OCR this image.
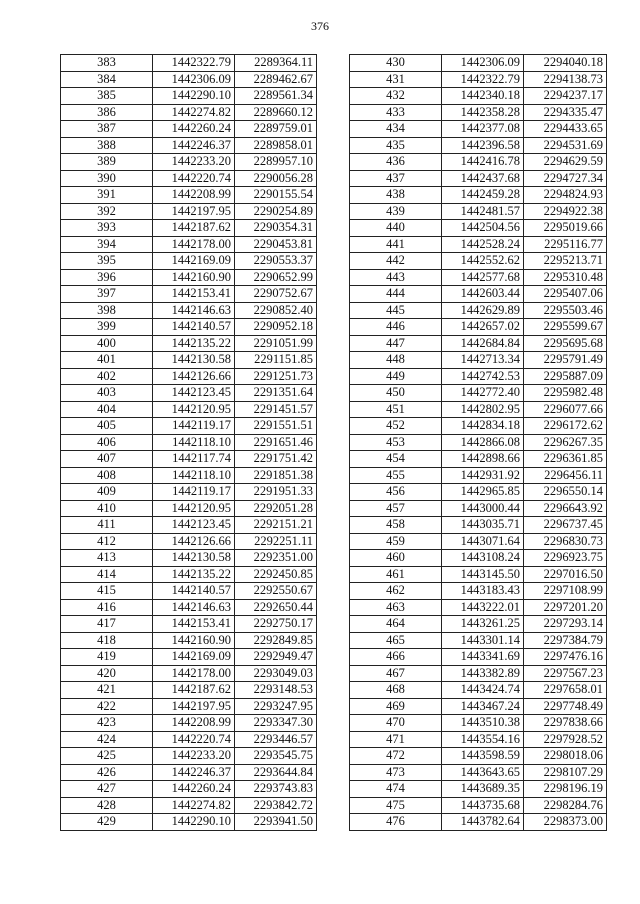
376
383	1442322.79	2289364.11
384	1442306.09	2289462.67
385	1442290.10	2289561.34
386	1442274.82	2289660.12
387	1442260.24	2289759.01
388	1442246.37	2289858.01
389	1442233.20	2289957.10
390	1442220.74	2290056.28
391	1442208.99	2290155.54
392	1442197.95	2290254.89
393	1442187.62	2290354.31
394	1442178.00	2290453.81
395	1442169.09	2290553.37
396	1442160.90	2290652.99
397	1442153.41	2290752.67
398	1442146.63	2290852.40
399	1442140.57	2290952.18
400	1442135.22	2291051.99
401	1442130.58	2291151.85
402	1442126.66	2291251.73
403	1442123.45	2291351.64
404	1442120.95	2291451.57
405	1442119.17	2291551.51
406	1442118.10	2291651.46
407	1442117.74	2291751.42
408	1442118.10	2291851.38
409	1442119.17	2291951.33
410	1442120.95	2292051.28
411	1442123.45	2292151.21
412	1442126.66	2292251.11
413	1442130.58	2292351.00
414	1442135.22	2292450.85
415	1442140.57	2292550.67
416	1442146.63	2292650.44
417	1442153.41	2292750.17
418	1442160.90	2292849.85
419	1442169.09	2292949.47
420	1442178.00	2293049.03
421	1442187.62	2293148.53
422	1442197.95	2293247.95
423	1442208.99	2293347.30
424	1442220.74	2293446.57
425	1442233.20	2293545.75
426	1442246.37	2293644.84
427	1442260.24	2293743.83
428	1442274.82	2293842.72
429	1442290.10	2293941.50
430	1442306.09	2294040.18
431	1442322.79	2294138.73
432	1442340.18	2294237.17
433	1442358.28	2294335.47
434	1442377.08	2294433.65
435	1442396.58	2294531.69
436	1442416.78	2294629.59
437	1442437.68	2294727.34
438	1442459.28	2294824.93
439	1442481.57	2294922.38
440	1442504.56	2295019.66
441	1442528.24	2295116.77
442	1442552.62	2295213.71
443	1442577.68	2295310.48
444	1442603.44	2295407.06
445	1442629.89	2295503.46
446	1442657.02	2295599.67
447	1442684.84	2295695.68
448	1442713.34	2295791.49
449	1442742.53	2295887.09
450	1442772.40	2295982.48
451	1442802.95	2296077.66
452	1442834.18	2296172.62
453	1442866.08	2296267.35
454	1442898.66	2296361.85
455	1442931.92	2296456.11
456	1442965.85	2296550.14
457	1443000.44	2296643.92
458	1443035.71	2296737.45
459	1443071.64	2296830.73
460	1443108.24	2296923.75
461	1443145.50	2297016.50
462	1443183.43	2297108.99
463	1443222.01	2297201.20
464	1443261.25	2297293.14
465	1443301.14	2297384.79
466	1443341.69	2297476.16
467	1443382.89	2297567.23
468	1443424.74	2297658.01
469	1443467.24	2297748.49
470	1443510.38	2297838.66
471	1443554.16	2297928.52
472	1443598.59	2298018.06
473	1443643.65	2298107.29
474	1443689.35	2298196.19
475	1443735.68	2298284.76
476	1443782.64	2298373.00
